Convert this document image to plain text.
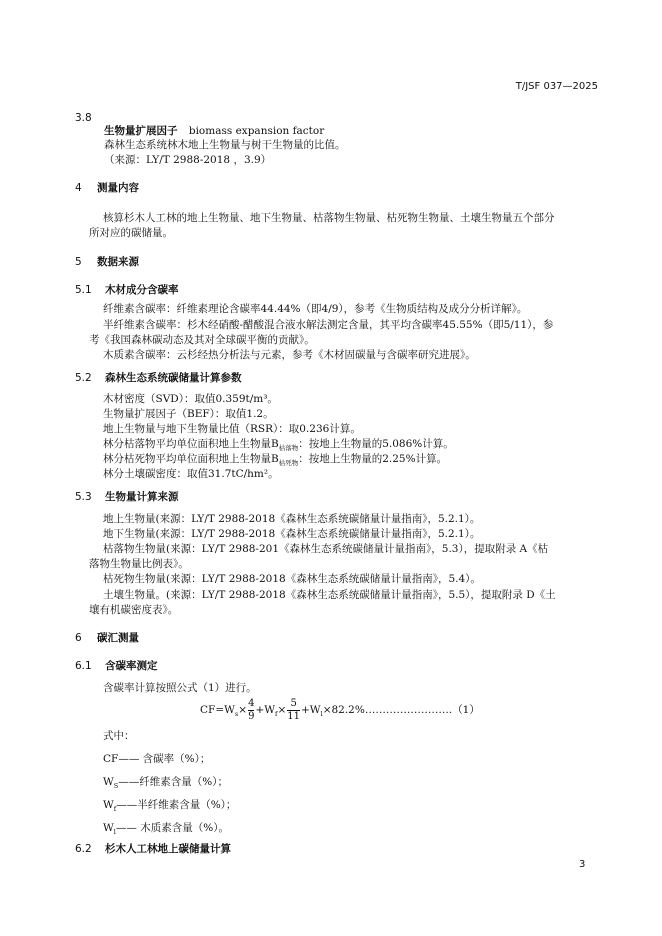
T/JSF 037—2025
3.8
生物量扩展因子 biomass expansion factor
森林生态系统林木地上生物量与树干生物量的比值。
（来源：LY/T 2988-2018 ，3.9）
4 测量内容
核算杉木人工林的地上生物量、地下生物量、枯落物生物量、枯死物生物量、土壤生物量五个部分
所对应的碳储量。
5 数据来源
5.1 木材成分含碳率
纤维素含碳率：纤维素理论含碳率44.44%（即4/9），参考《生物质结构及成分分析详解》。
半纤维素含碳率：杉木经硝酸-醋酸混合液水解法测定含量，其平均含碳率45.55%（即5/11），参
考《我国森林碳动态及其对全球碳平衡的贡献》。
木质素含碳率：云杉经热分析法与元素，参考《木材固碳量与含碳率研究进展》。
5.2 森林生态系统碳储量计算参数
木材密度（SVD）：取值0.359t/m³。
生物量扩展因子（BEF）：取值1.2。
地上生物量与地下生物量比值（RSR）：取0.236计算。
林分枯落物平均单位面积地上生物量$B_{枯落物}$：按地上生物量的5.086%计算。
林分枯死物平均单位面积地上生物量$B_{枯死物}$：按地上生物量的2.25%计算。
林分土壤碳密度：取值31.7tC/hm²。
5.3 生物量计算来源
地上生物量(来源：LY/T 2988-2018《森林生态系统碳储量计量指南》，5.2.1）。
地下生物量(来源：LY/T 2988-2018《森林生态系统碳储量计量指南》，5.2.1）。
枯落物生物量(来源：LY/T 2988-201《森林生态系统碳储量计量指南》，5.3），提取附录 A《枯
落物生物量比例表》。
枯死物生物量(来源：LY/T 2988-2018《森林生态系统碳储量计量指南》，5.4）。
土壤生物量。(来源：LY/T 2988-2018《森林生态系统碳储量计量指南》，5.5），提取附录 D《土
壤有机碳密度表》。
6 碳汇测量
6.1 含碳率测定
含碳率计算按照公式（1）进行。
$CF=W_s\times \frac{4}{9} +W_f\times \frac{5}{11}$ $+W_l\times 82.2\%\dots\dots\dots\dots\dots\dots\dots\dots.(1)$
式中：
CF—— 含碳率（%）；
$W_S——$纤维素含量（%）；
$W_f——$半纤维素含量（%）；
$W_l——$ 木质素含量（%）。
6.2 杉木人工林地上碳储量计算
3
